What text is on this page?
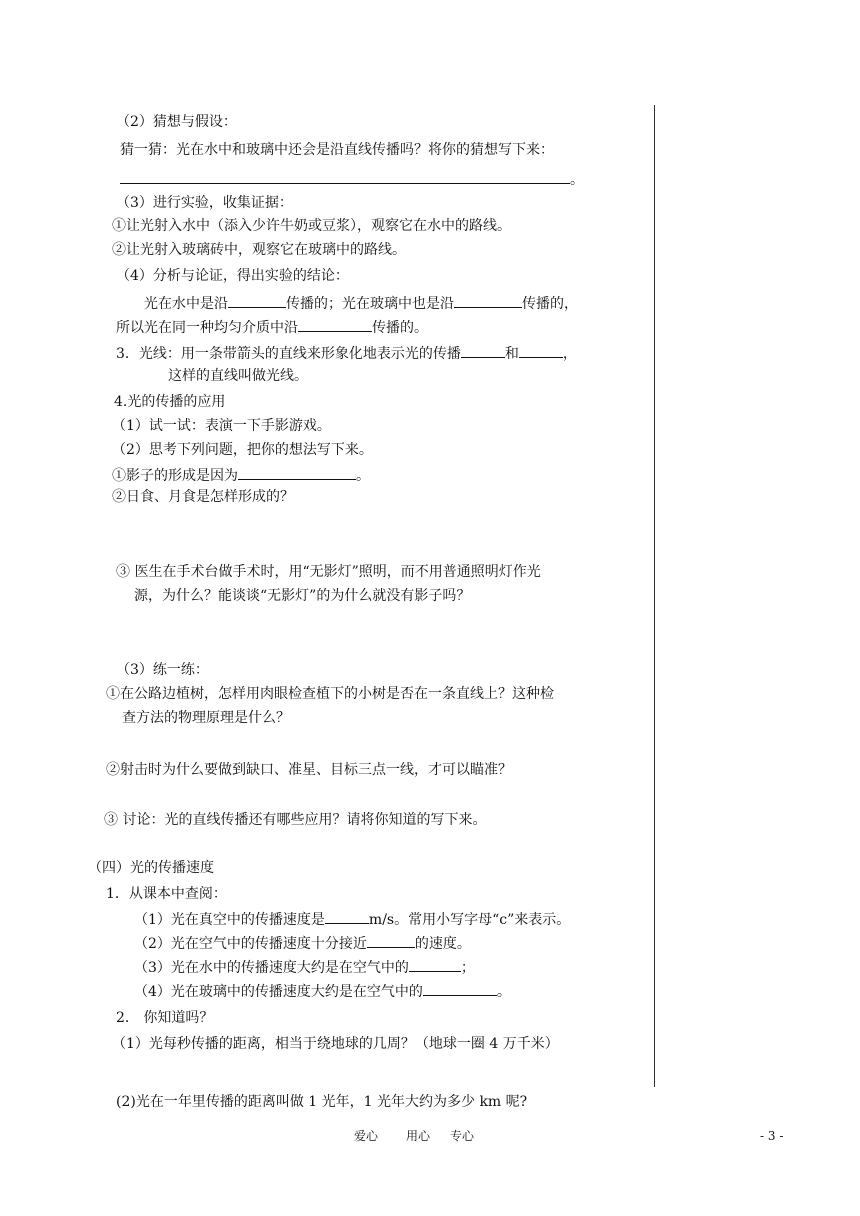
（2）猜想与假设：
猜一猜：光在水中和玻璃中还会是沿直线传播吗？将你的猜想写下来：
。
（3）进行实验，收集证据：
①让光射入水中（添入少许牛奶或豆浆），观察它在水中的路线。
②让光射入玻璃砖中，观察它在玻璃中的路线。
（4）分析与论证，得出实验的结论：
光在水中是沿	传播的；光在玻璃中也是沿	传播的，
所以光在同一种均匀介质中沿	传播的。
3．光线：用一条带箭头的直线来形象化地表示光的传播	和	，
这样的直线叫做光线。
4.光的传播的应用
（1）试一试：表演一下手影游戏。
（2）思考下列问题，把你的想法写下来。
①影子的形成是因为	。
②日食、月食是怎样形成的？
③ 医生在手术台做手术时，用“无影灯”照明，而不用普通照明灯作光
源，为什么？能谈谈“无影灯”的为什么就没有影子吗？
（3）练一练：
①在公路边植树，怎样用肉眼检查植下的小树是否在一条直线上？这种检
查方法的物理原理是什么？
②射击时为什么要做到缺口、准星、目标三点一线，才可以瞄准？
③ 讨论：光的直线传播还有哪些应用？请将你知道的写下来。
（四）光的传播速度
1．从课本中查阅：
（1）光在真空中的传播速度是	m/s。常用小写字母“c”来表示。
（2）光在空气中的传播速度十分接近	的速度。
（3）光在水中的传播速度大约是在空气中的	；
（4）光在玻璃中的传播速度大约是在空气中的	。
2． 你知道吗？
（1）光每秒传播的距离，相当于绕地球的几周？（地球一圈 4 万千米）
(2)光在一年里传播的距离叫做 1 光年，1 光年大约为多少 km 呢?
爱心 用心 专心	- 3 -
